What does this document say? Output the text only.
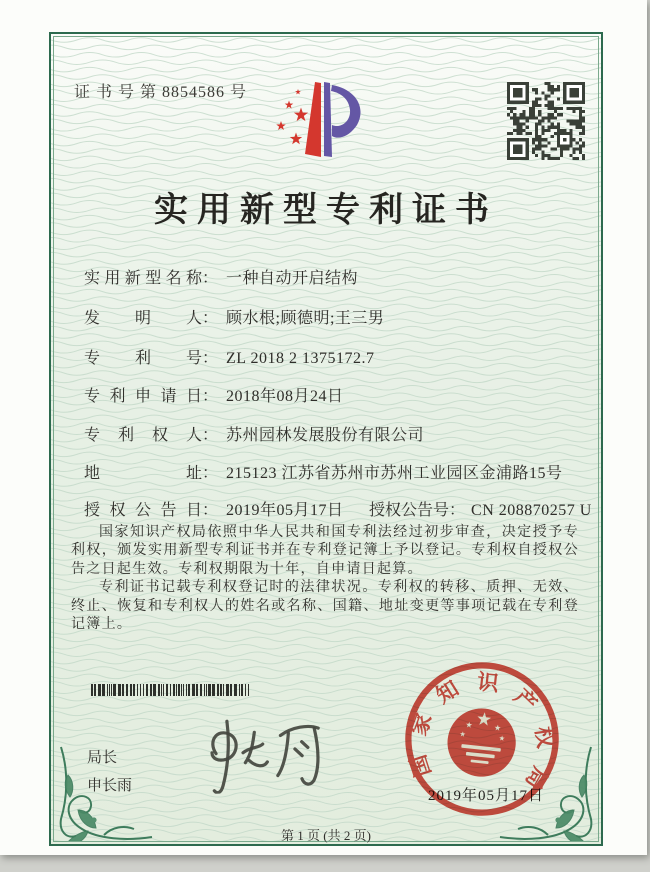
证 书 号 第 8854586 号
实用新型专利证书
实用新型名称 ： 一种自动开启结构
发明人 ： 顾水根;顾德明;王三男
专利号 ： ZL 2018 2 1375172.7
专利申请日 ： 2018年08月24日
专利权人 ： 苏州园林发展股份有限公司
地址 ： 215123 江苏省苏州市苏州工业园区金浦路15号
授权公告日 ： 2019年05月17日 授权公告号： CN 208870257 U

国家知识产权局依照中华人民共和国专利法经过初步审查，决定授予专利权，颁发实用新型专利证书并在专利登记簿上予以登记。专利权自授权公告之日起生效。专利权期限为十年，自申请日起算。

专利证书记载专利权登记时的法律状况。专利权的转移、质押、无效、终止、恢复和专利权人的姓名或名称、国籍、地址变更等事项记载在专利登记簿上。

局长
申长雨
国
家
知 识
产
权
局
2019年05月17日
第 1 页 (共 2 页)
